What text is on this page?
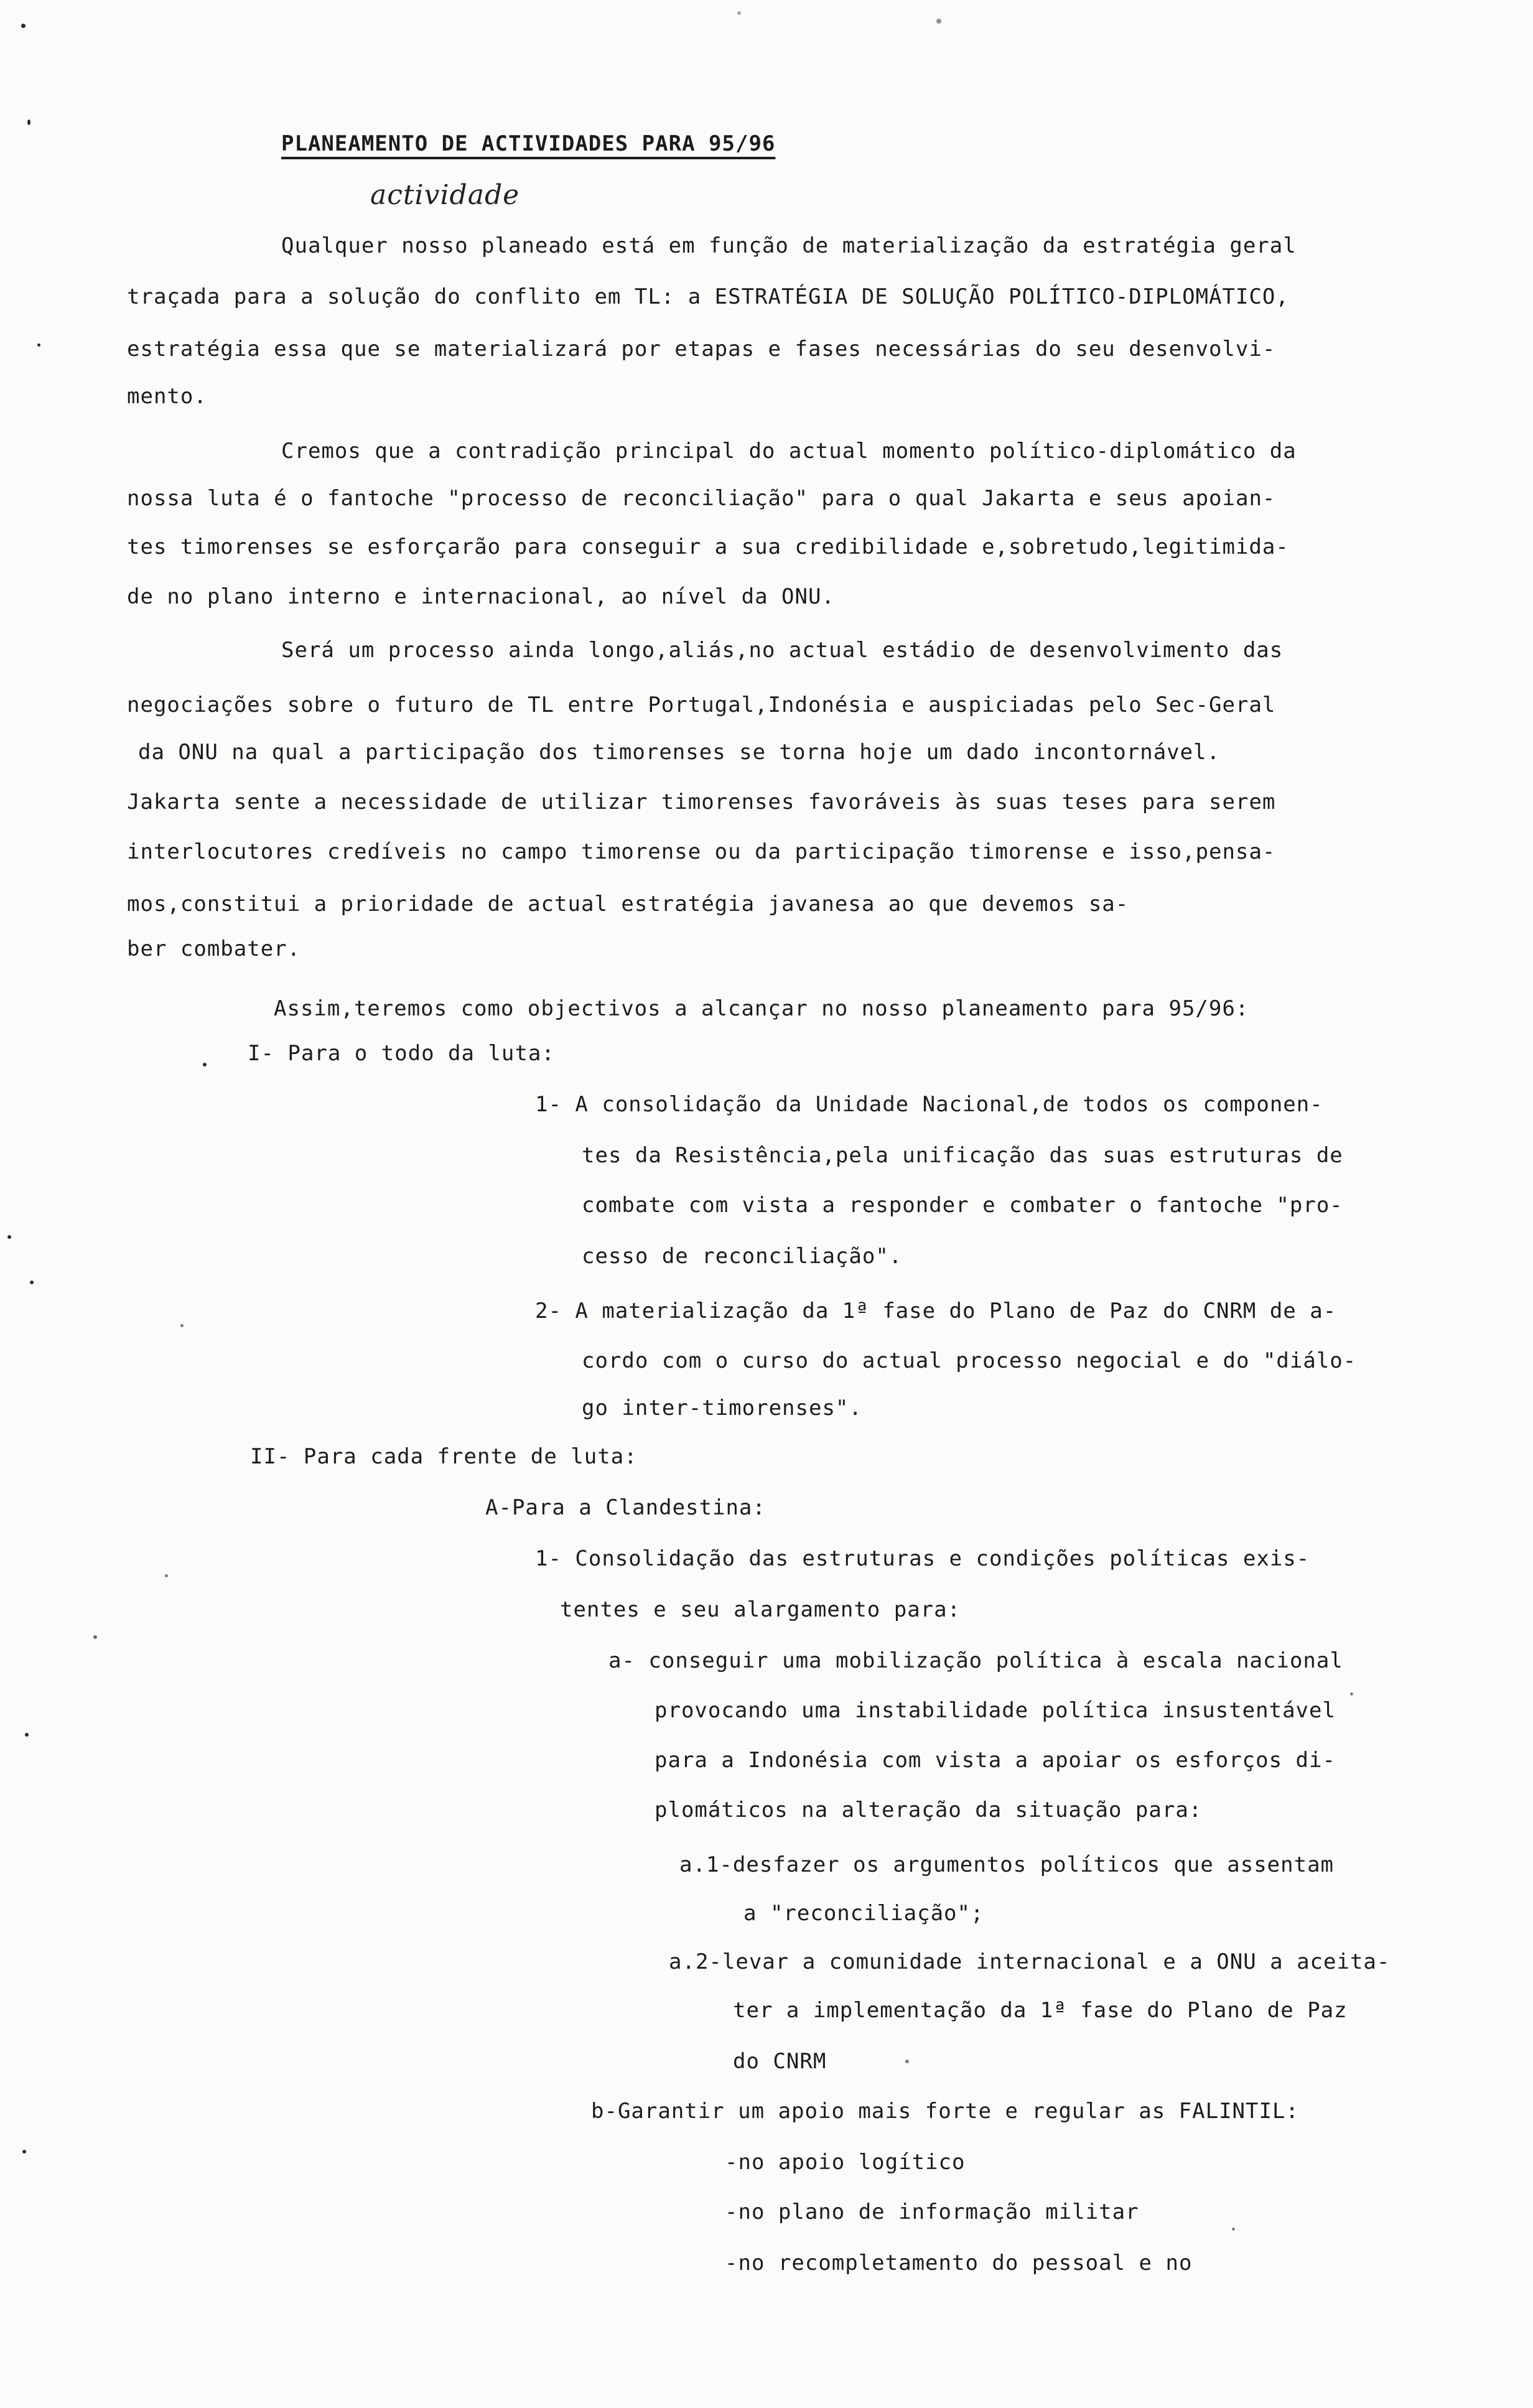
PLANEAMENTO DE ACTIVIDADES PARA 95/96
actividade
Qualquer nosso planeado está em função de materialização da estratégia geral
traçada para a solução do conflito em TL: a ESTRATÉGIA DE SOLUÇÃO POLÍTICO-DIPLOMÁTICO,
estratégia essa que se materializará por etapas e fases necessárias do seu desenvolvi-
mento.
Cremos que a contradição principal do actual momento político-diplomático da
nossa luta é o fantoche "processo de reconciliação" para o qual Jakarta e seus apoian-
tes timorenses se esforçarão para conseguir a sua credibilidade e,sobretudo,legitimida-
de no plano interno e internacional, ao nível da ONU.
Será um processo ainda longo,aliás,no actual estádio de desenvolvimento das
negociações sobre o futuro de TL entre Portugal,Indonésia e auspiciadas pelo Sec-Geral
da ONU na qual a participação dos timorenses se torna hoje um dado incontornável.
Jakarta sente a necessidade de utilizar timorenses favoráveis às suas teses para serem
interlocutores credíveis no campo timorense ou da participação timorense e isso,pensa-
mos,constitui a prioridade de actual estratégia javanesa ao que devemos sa-
ber combater.
Assim,teremos como objectivos a alcançar no nosso planeamento para 95/96:
I- Para o todo da luta:
1- A consolidação da Unidade Nacional,de todos os componen-
tes da Resistência,pela unificação das suas estruturas de
combate com vista a responder e combater o fantoche "pro-
cesso de reconciliação".
2- A materialização da 1ª fase do Plano de Paz do CNRM de a-
cordo com o curso do actual processo negocial e do "diálo-
go inter-timorenses".
II- Para cada frente de luta:
A-Para a Clandestina:
1- Consolidação das estruturas e condições políticas exis-
tentes e seu alargamento para:
a- conseguir uma mobilização política à escala nacional
provocando uma instabilidade política insustentável
para a Indonésia com vista a apoiar os esforços di-
plomáticos na alteração da situação para:
a.1-desfazer os argumentos políticos que assentam
a "reconciliação";
a.2-levar a comunidade internacional e a ONU a aceita-
ter a implementação da 1ª fase do Plano de Paz
do CNRM
b-Garantir um apoio mais forte e regular as FALINTIL:
-no apoio logítico
-no plano de informação militar
-no recompletamento do pessoal e no
